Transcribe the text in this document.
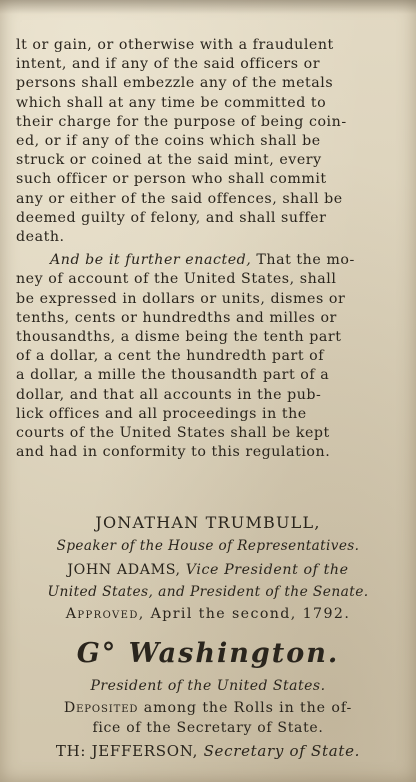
lt or gain, or otherwise with a fraudulent
intent, and if any of the said officers or
persons shall embezzle any of the metals
which shall at any time be committed to
their charge for the purpose of being coin-
ed, or if any of the coins which shall be
struck or coined at the said mint, every
such officer or person who shall commit
any or either of the said offences, shall be
deemed guilty of felony, and shall suffer
death.
And be it further enacted, That the mo-
ney of account of the United States, shall
be expressed in dollars or units, dismes or
tenths, cents or hundredths and milles or
thousandths, a disme being the tenth part
of a dollar, a cent the hundredth part of
a dollar, a mille the thousandth part of a
dollar, and that all accounts in the pub-
lick offices and all proceedings in the
courts of the United States shall be kept
and had in conformity to this regulation.
JONATHAN TRUMBULL,
Speaker of the House of Representatives.
JOHN ADAMS, Vice President of the
United States, and President of the Senate.
Approved, April the second, 1792.
G° Washington.
President of the United States.
Deposited among the Rolls in the of-
fice of the Secretary of State.
TH: JEFFERSON, Secretary of State.
